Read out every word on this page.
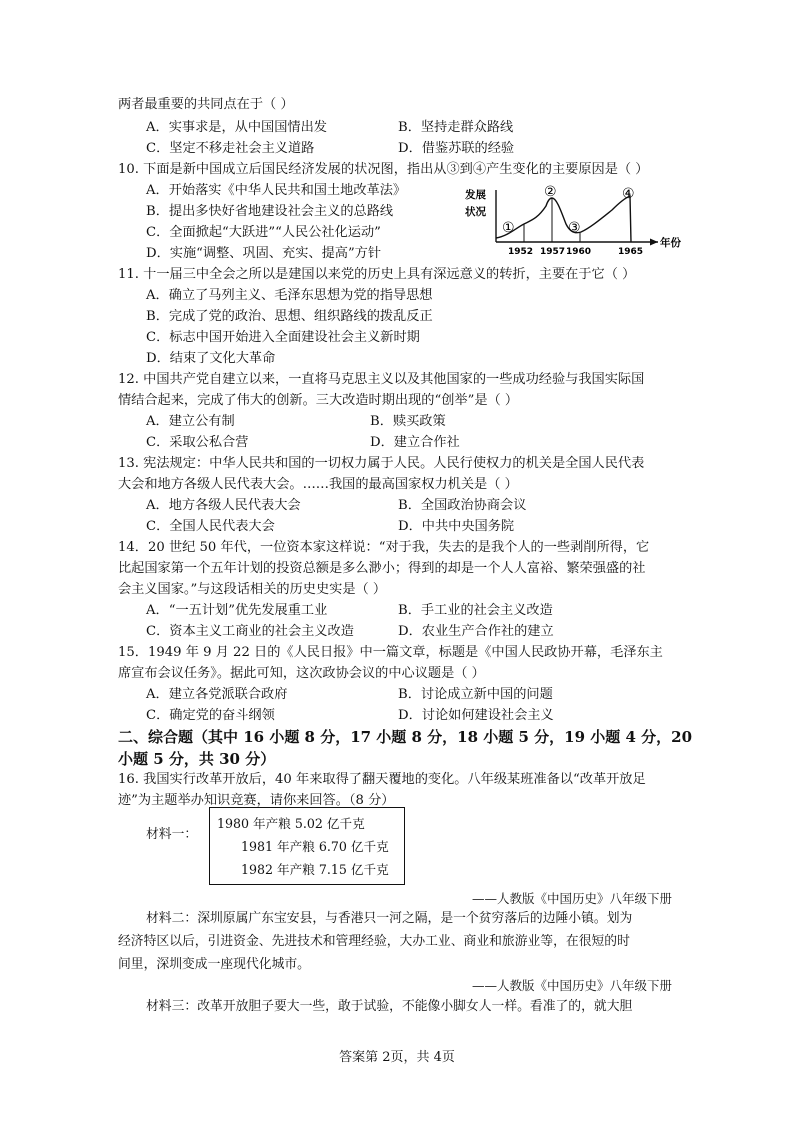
两者最重要的共同点在于（ ）
A．实事求是，从中国国情出发	B．坚持走群众路线
C．坚定不移走社会主义道路	D．借鉴苏联的经验
10. 下面是新中国成立后国民经济发展的状况图，指出从③到④产生变化的主要原因是（ ）
A．开始落实《中华人民共和国土地改革法》
B．提出多快好省地建设社会主义的总路线
C．全面掀起“大跃进”“人民公社化运动”
D．实施“调整、巩固、充实、提高”方针
发展
状况
年份
①
②
③
④
1952 1957 1960	1965
11. 十一届三中全会之所以是建国以来党的历史上具有深远意义的转折，主要在于它（ ）
A．确立了马列主义、毛泽东思想为党的指导思想
B．完成了党的政治、思想、组织路线的拨乱反正
C．标志中国开始进入全面建设社会主义新时期
D．结束了文化大革命
12. 中国共产党自建立以来，一直将马克思主义以及其他国家的一些成功经验与我国实际国
情结合起来，完成了伟大的创新。三大改造时期出现的“创举”是（ ）
A．建立公有制	B．赎买政策
C．采取公私合营	D．建立合作社
13. 宪法规定：中华人民共和国的一切权力属于人民。人民行使权力的机关是全国人民代表
大会和地方各级人民代表大会。……我国的最高国家权力机关是（ ）
A．地方各级人民代表大会	B．全国政治协商会议
C．全国人民代表大会	D．中共中央国务院
14．20 世纪 50 年代，一位资本家这样说：“对于我，失去的是我个人的一些剥削所得，它
比起国家第一个五年计划的投资总额是多么渺小；得到的却是一个人人富裕、繁荣强盛的社
会主义国家。”与这段话相关的历史史实是（ ）
A．“一五计划”优先发展重工业	B．手工业的社会主义改造
C．资本主义工商业的社会主义改造	D．农业生产合作社的建立
15．1949 年 9 月 22 日的《人民日报》中一篇文章，标题是《中国人民政协开幕，毛泽东主
席宣布会议任务》。据此可知，这次政协会议的中心议题是（ ）
A．建立各党派联合政府	B．讨论成立新中国的问题
C．确定党的奋斗纲领	D．讨论如何建设社会主义
二、综合题（其中 16 小题 8 分，17 小题 8 分，18 小题 5 分，19 小题 4 分，20
小题 5 分，共 30 分）
16. 我国实行改革开放后，40 年来取得了翻天覆地的变化。八年级某班准备以“改革开放足
迹”为主题举办知识竞赛，请你来回答。（8 分）
材料一：
1980 年产粮 5.02 亿千克
1981 年产粮 6.70 亿千克
1982 年产粮 7.15 亿千克
——人教版《中国历史》八年级下册
材料二：深圳原属广东宝安县，与香港只一河之隔，是一个贫穷落后的边陲小镇。划为
经济特区以后，引进资金、先进技术和管理经验，大办工业、商业和旅游业等，在很短的时
间里，深圳变成一座现代化城市。
——人教版《中国历史》八年级下册
材料三：改革开放胆子要大一些，敢于试验，不能像小脚女人一样。看准了的，就大胆
答案第 2页，共 4页
